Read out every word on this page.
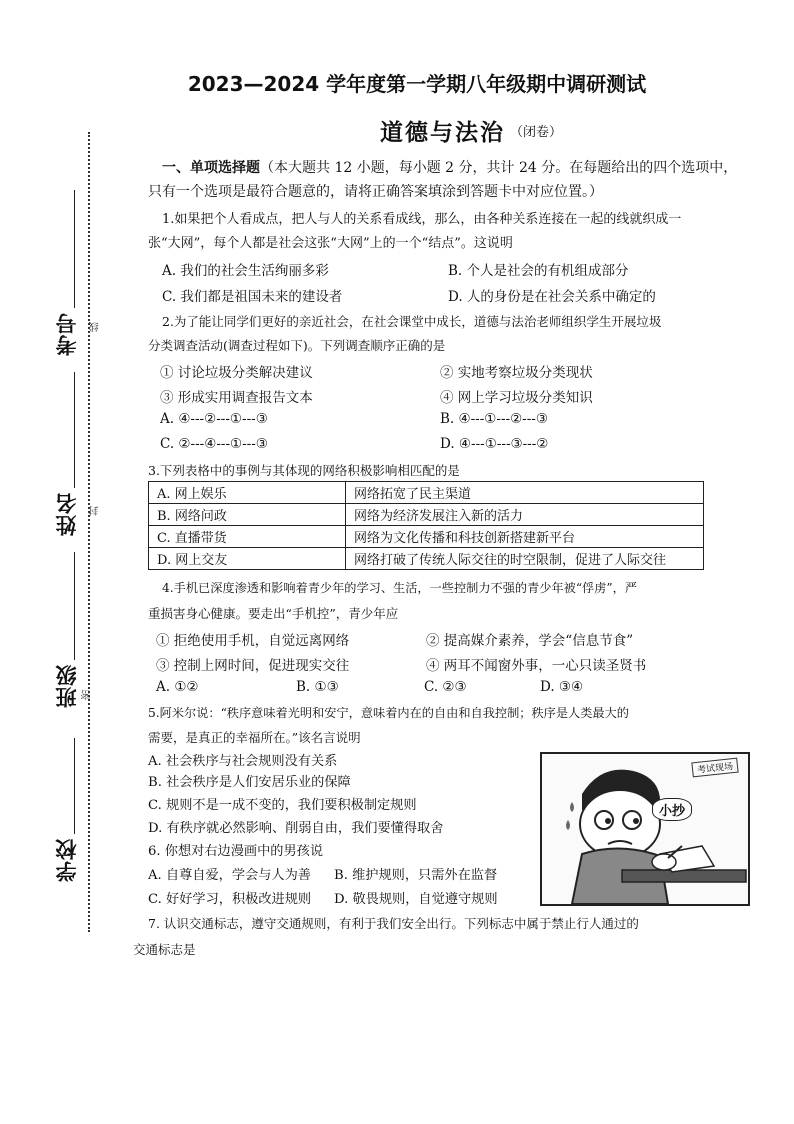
考号
姓名
班级
学校
线
封
密
2023—2024 学年度第一学期八年级期中调研测试
道德与法治 （闭卷）
一、单项选择题（本大题共 12 小题，每小题 2 分，共计 24 分。在每题给出的四个选项中，
只有一个选项是最符合题意的，请将正确答案填涂到答题卡中对应位置。）
1.如果把个人看成点，把人与人的关系看成线，那么，由各种关系连接在一起的线就织成一
张“大网”，每个人都是社会这张“大网”上的一个“结点”。这说明
A. 我们的社会生活绚丽多彩	B. 个人是社会的有机组成部分
C. 我们都是祖国未来的建设者	D. 人的身份是在社会关系中确定的
2.为了能让同学们更好的亲近社会，在社会课堂中成长，道德与法治老师组织学生开展垃圾
分类调查活动(调查过程如下)。下列调查顺序正确的是
① 讨论垃圾分类解决建议	② 实地考察垃圾分类现状
③ 形成实用调查报告文本	④ 网上学习垃圾分类知识
A. ④---②---①---③	B. ④---①---②---③
C. ②---④---①---③	D. ④---①---③---②
3.下列表格中的事例与其体现的网络积极影响相匹配的是
A. 网上娱乐	网络拓宽了民主渠道
B. 网络问政	网络为经济发展注入新的活力
C. 直播带货	网络为文化传播和科技创新搭建新平台
D. 网上交友	网络打破了传统人际交往的时空限制，促进了人际交往
4.手机已深度渗透和影响着青少年的学习、生活，一些控制力不强的青少年被“俘虏”，严
重损害身心健康。要走出“手机控”，青少年应
① 拒绝使用手机，自觉远离网络	② 提高媒介素养，学会“信息节食”
③ 控制上网时间，促进现实交往	④ 两耳不闻窗外事，一心只读圣贤书
A. ①②	B. ①③	C. ②③	D. ③④
5.阿米尔说：“秩序意味着光明和安宁，意味着内在的自由和自我控制；秩序是人类最大的
需要，是真正的幸福所在。”该名言说明
A. 社会秩序与社会规则没有关系
B. 社会秩序是人们安居乐业的保障
C. 规则不是一成不变的，我们要积极制定规则
D. 有秩序就必然影响、削弱自由，我们要懂得取舍
6. 你想对右边漫画中的男孩说
A. 自尊自爱，学会与人为善 B. 维护规则，只需外在监督
C. 好好学习，积极改进规则 D. 敬畏规则，自觉遵守规则
考试现场
小抄
7. 认识交通标志，遵守交通规则，有利于我们安全出行。下列标志中属于禁止行人通过的
交通标志是
